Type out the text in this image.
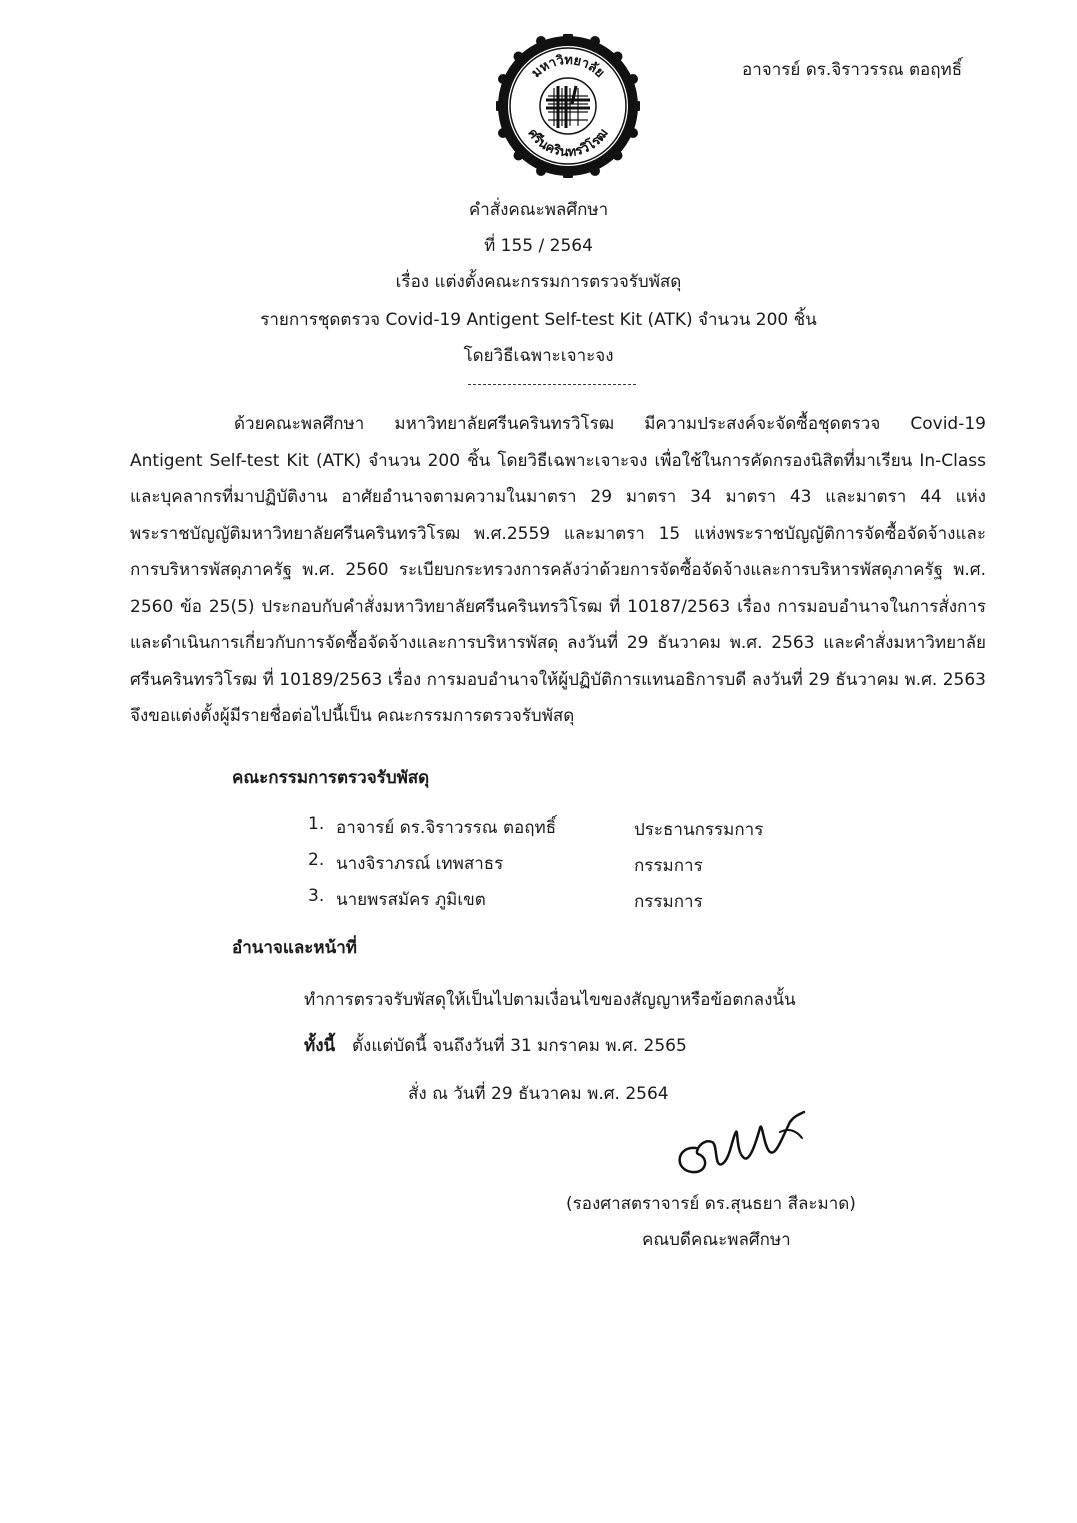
อาจารย์ ดร.จิราวรรณ ตอฤทธิ์
มหาวิทยาลัย
ศรีนครินทรวิโรฒ
คำสั่งคณะพลศึกษา
ที่ 155 / 2564
เรื่อง แต่งตั้งคณะกรรมการตรวจรับพัสดุ
รายการชุดตรวจ Covid-19 Antigent Self-test Kit (ATK) จำนวน 200 ชิ้น
โดยวิธีเฉพาะเจาะจง
ด้วยคณะพลศึกษา มหาวิทยาลัยศรีนครินทรวิโรฒ มีความประสงค์จะจัดซื้อชุดตรวจ Covid-19
Antigent Self-test Kit (ATK) จำนวน 200 ชิ้น โดยวิธีเฉพาะเจาะจง เพื่อใช้ในการคัดกรองนิสิตที่มาเรียน In-Class
และบุคลากรที่มาปฏิบัติงาน อาศัยอำนาจตามความในมาตรา 29 มาตรา 34 มาตรา 43 และมาตรา 44 แห่ง
พระราชบัญญัติมหาวิทยาลัยศรีนครินทรวิโรฒ พ.ศ.2559 และมาตรา 15 แห่งพระราชบัญญัติการจัดซื้อจัดจ้างและ
การบริหารพัสดุภาครัฐ พ.ศ. 2560 ระเบียบกระทรวงการคลังว่าด้วยการจัดซื้อจัดจ้างและการบริหารพัสดุภาครัฐ พ.ศ.
2560 ข้อ 25(5) ประกอบกับคำสั่งมหาวิทยาลัยศรีนครินทรวิโรฒ ที่ 10187/2563 เรื่อง การมอบอำนาจในการสั่งการ
และดำเนินการเกี่ยวกับการจัดซื้อจัดจ้างและการบริหารพัสดุ ลงวันที่ 29 ธันวาคม พ.ศ. 2563 และคำสั่งมหาวิทยาลัย
ศรีนครินทรวิโรฒ ที่ 10189/2563 เรื่อง การมอบอำนาจให้ผู้ปฏิบัติการแทนอธิการบดี ลงวันที่ 29 ธันวาคม พ.ศ. 2563
จึงขอแต่งตั้งผู้มีรายชื่อต่อไปนี้เป็น คณะกรรมการตรวจรับพัสดุ
คณะกรรมการตรวจรับพัสดุ
1. อาจารย์ ดร.จิราวรรณ ตอฤทธิ์	ประธานกรรมการ
2. นางจิราภรณ์ เทพสาธร	กรรมการ
3. นายพรสมัคร ภูมิเขต	กรรมการ
อำนาจและหน้าที่
ทำการตรวจรับพัสดุให้เป็นไปตามเงื่อนไขของสัญญาหรือข้อตกลงนั้น
ทั้งนี้ ตั้งแต่บัดนี้ จนถึงวันที่ 31 มกราคม พ.ศ. 2565
สั่ง ณ วันที่ 29 ธันวาคม พ.ศ. 2564
(รองศาสตราจารย์ ดร.สุนธยา สีละมาด)
คณบดีคณะพลศึกษา
